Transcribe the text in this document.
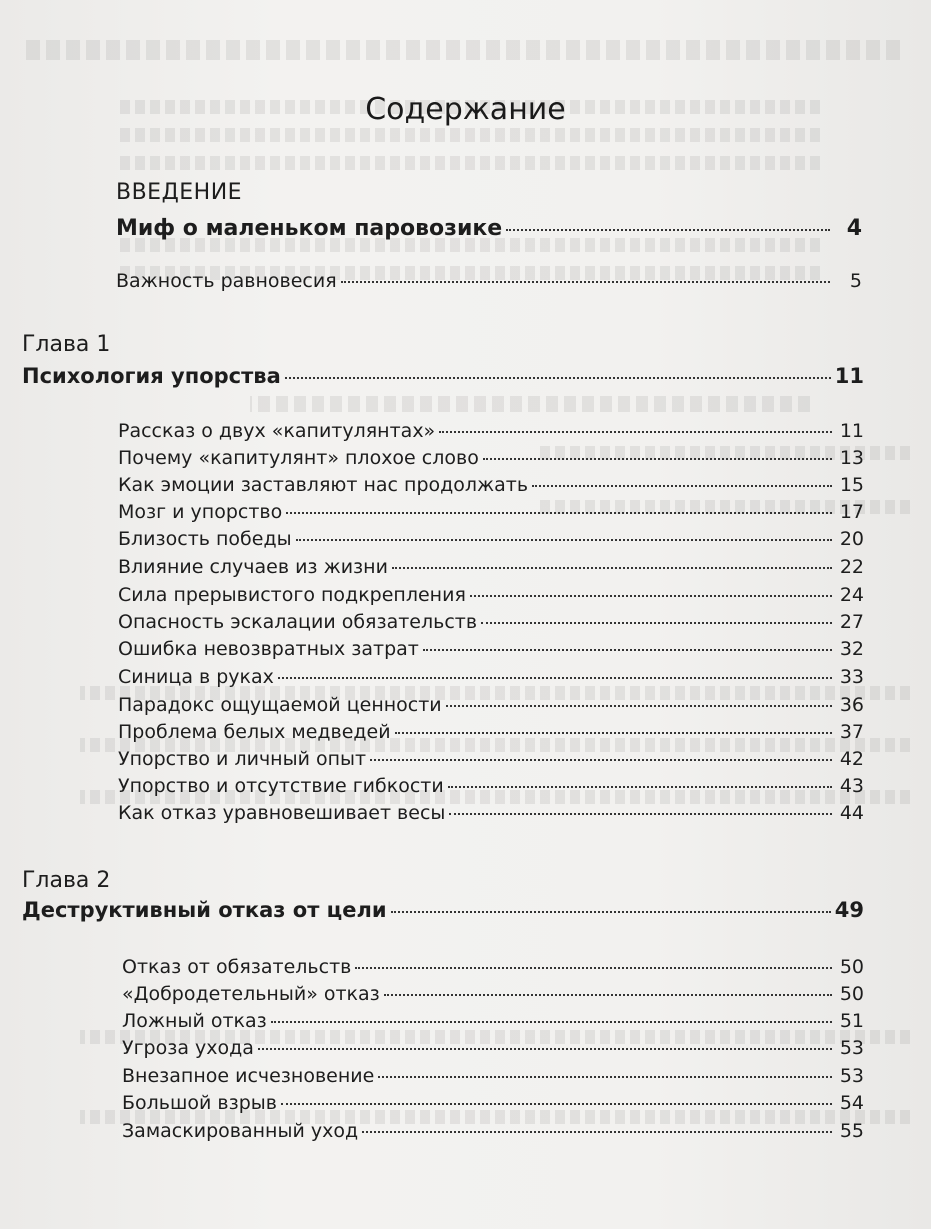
Содержание
ВВЕДЕНИЕ
Миф о маленьком паровозике	4
Важность равновесия	5
Глава 1
Психология упорства	11
Рассказ о двух «капитулянтах»	11
Почему «капитулянт» плохое слово	13
Как эмоции заставляют нас продолжать	15
Мозг и упорство	17
Близость победы	20
Влияние случаев из жизни	22
Сила прерывистого подкрепления	24
Опасность эскалации обязательств	27
Ошибка невозвратных затрат	32
Синица в руках	33
Парадокс ощущаемой ценности	36
Проблема белых медведей	37
Упорство и личный опыт	42
Упорство и отсутствие гибкости	43
Как отказ уравновешивает весы	44
Глава 2
Деструктивный отказ от цели	49
Отказ от обязательств	50
«Добродетельный» отказ	50
Ложный отказ	51
Угроза ухода	53
Внезапное исчезновение	53
Большой взрыв	54
Замаскированный уход	55
